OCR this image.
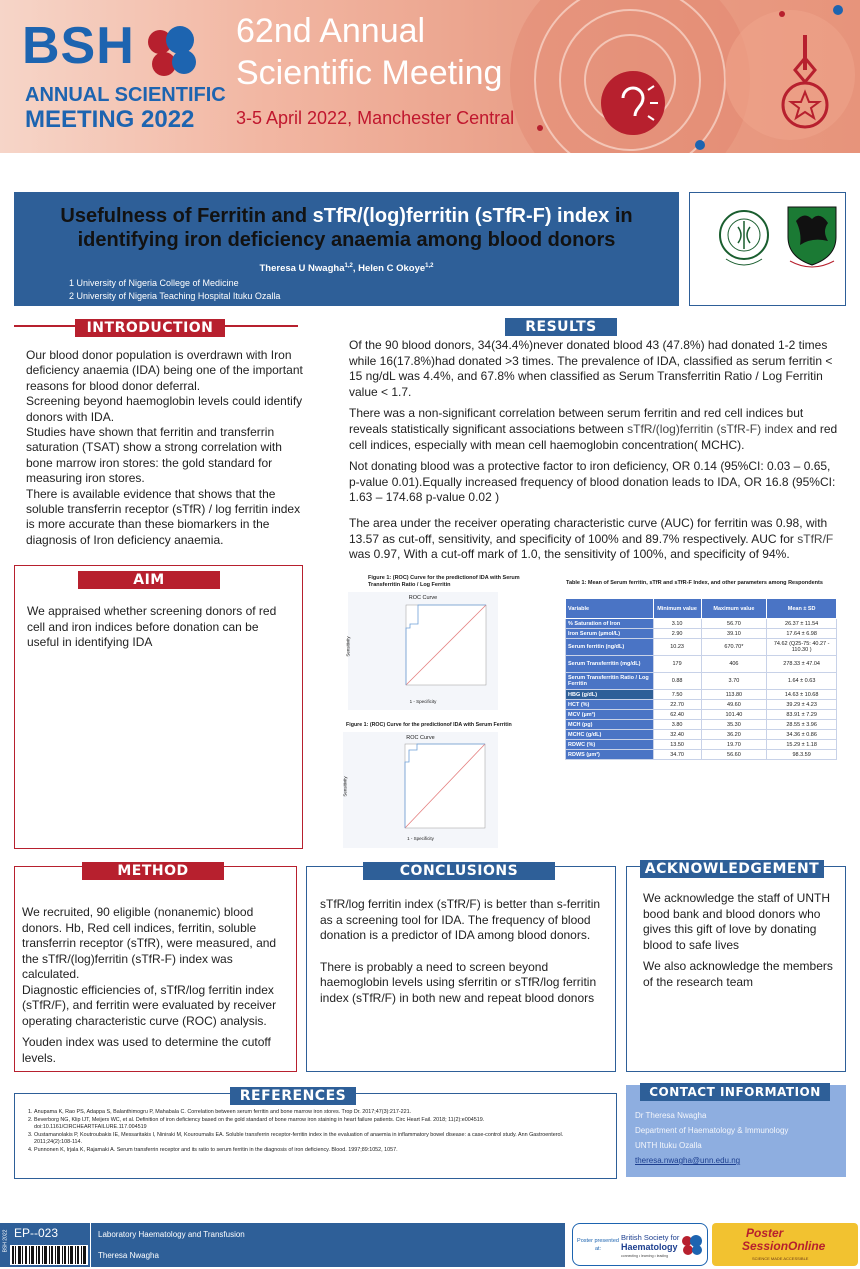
BSH
ANNUAL SCIENTIFIC
MEETING 2022
62nd Annual
Scientific Meeting
3-5 April 2022, Manchester Central
Usefulness of Ferritin and sTfR/(log)ferritin (sTfR-F) index in identifying iron deficiency anaemia among blood donors
Theresa U Nwagha$^{1,2}$, Helen C Okoye$^{1,2}$
1 University of Nigeria College of Medicine
2 University of Nigeria Teaching Hospital Ituku Ozalla
INTRODUCTION
Our blood donor population is overdrawn with Iron deficiency anaemia (IDA) being one of the important reasons for blood donor deferral.
Screening beyond haemoglobin levels could identify donors with IDA.
Studies have shown that ferritin and transferrin saturation (TSAT) show a strong correlation with bone marrow iron stores: the gold standard for measuring iron stores.
There is available evidence that shows that the soluble transferrin receptor (sTfR) / log ferritin index is more accurate than these biomarkers in the diagnosis of Iron deficiency anaemia.
AIM
We appraised whether screening donors of red cell and iron indices before donation can be useful in identifying IDA
RESULTS

Of the 90 blood donors, 34(34.4%)never donated blood 43 (47.8%) had donated 1-2 times while 16(17.8%)had donated >3 times. The prevalence of IDA, classified as serum ferritin < 15 ng/dL was 4.4%, and 67.8% when classified as Serum Transferritin Ratio / Log Ferritin value < 1.7.

There was a non-significant correlation between serum ferritin and red cell indices but reveals statistically significant associations between sTfR/(log)ferritin (sTfR-F) index and red cell indices, especially with mean cell haemoglobin concentration( MCHC).

Not donating blood was a protective factor to iron deficiency, OR 0.14 (95%CI: 0.03 – 0.65, p-value 0.01).Equally increased frequency of blood donation leads to IDA, OR 16.8 (95%CI: 1.63 – 174.68 p-value 0.02 )

The area under the receiver operating characteristic curve (AUC) for ferritin was 0.98, with 13.57 as cut-off, sensitivity, and specificity of 100% and 89.7% respectively. AUC for sTfR/F was 0.97, With a cut-off mark of 1.0, the sensitivity of 100%, and specificity of 94%.

Figure 1: (ROC) Curve for the predictionof IDA with Serum Transferritin Ratio / Log Ferritin
ROC Curve
Sensitivity
1 - Specificity
Figure 1: (ROC) Curve for the predictionof IDA with Serum Ferritin
ROC Curve
Sensitivity
1 - Specificity
Table 1: Mean of Serum ferritin, sTfR and sTfR-F Index, and other parameters among Respondents
Variable	Minimum value	Maximum value	Mean ± SD
% Saturation of Iron	3.10	56.70	26.37 ± 11.54
Iron Serum (µmol/L)	2.90	39.10	17.64 ± 6.98
Serum ferritin (ng/dL)	10.23	670.70*	74.62 (Q25-75: 40.27 - 110.30 )
Serum Transferritin (mg/dL)	179	406	278.33 ± 47.04
Serum Transferritin Ratio / Log Ferritin	0.88	3.70	1.64 ± 0.63
HBG (g/dL)	7.50	113.80	14.63 ± 10.68
HCT (%)	22.70	49.60	39.29 ± 4.23
MCV (µm³)	62.40	101.40	83.91 ± 7.29
MCH (pg)	3.80	35.30	28.55 ± 3.96
MCHC (g/dL)	32.40	36.20	34.36 ± 0.86
RDWC (%)	13.50	19.70	15.29 ± 1.18
RDWS (µm³)	34.70	56.60	98.3.59
METHOD
We recruited, 90 eligible (nonanemic) blood donors. Hb, Red cell indices, ferritin, soluble transferrin receptor (sTfR), were measured, and the sTfR/(log)ferritin (sTfR-F) index was calculated.
Diagnostic efficiencies of, sTfR/log ferritin index (sTfR/F), and ferritin were evaluated by receiver operating characteristic curve (ROC) analysis.
Youden index was used to determine the cutoff levels.
CONCLUSIONS
sTfR/log ferritin index (sTfR/F) is better than s-ferritin as a screening tool for IDA. The frequency of blood donation is a predictor of IDA among blood donors.
There is probably a need to screen beyond haemoglobin levels using sferritin or sTfR/log ferritin index (sTfR/F) in both new and repeat blood donors
ACKNOWLEDGEMENT

We acknowledge the staff of UNTH bood bank and blood donors who gives this gift of love by donating blood to safe lives

We also acknowledge the members of the research team

REFERENCES
1. Anupama K, Rao PS, Adappa S, Balanthimogru P, Mahabala C. Correlation between serum ferritin and bone marrow iron stores. Trop Dr. 2017;47(3):217-221.
2. Beverborg NG, Klip IJT, Meijers WC, et al. Definition of iron deficiency based on the gold standard of bone marrow iron staining in heart failure patients. Circ Heart Fail. 2018; 11(2):e004519. doi:10.1161/CIRCHEARTFAILURE.117.004519
3. Oustamanolakis P, Koutroubakis IE, Messaritakis I, Niniraki M, Kouroumalis EA. Soluble transferrin receptor-ferritin index in the evaluation of anaemia in inflammatory bowel disease: a case-control study. Ann Gastroenterol. 2011;24(2):108-114.
4. Punnonen K, Irjala K, Rajamaki A. Serum transferrin receptor and its ratio to serum ferritin in the diagnosis of iron deficiency. Blood. 1997;89:1052, 1057.
CONTACT INFORMATION
Dr Theresa Nwagha
Department of Haematology & Immunology
UNTH Ituku Ozalla
theresa.nwagha@unn.edu.ng
BSH 2022 EP--023	Laboratory Haematology and Transfusion
Theresa Nwagha
Poster presented at:
British Society for
Haematology
connecting • learning • leading
Poster
SessionOnline
SCIENCE MADE ACCESSIBLE
